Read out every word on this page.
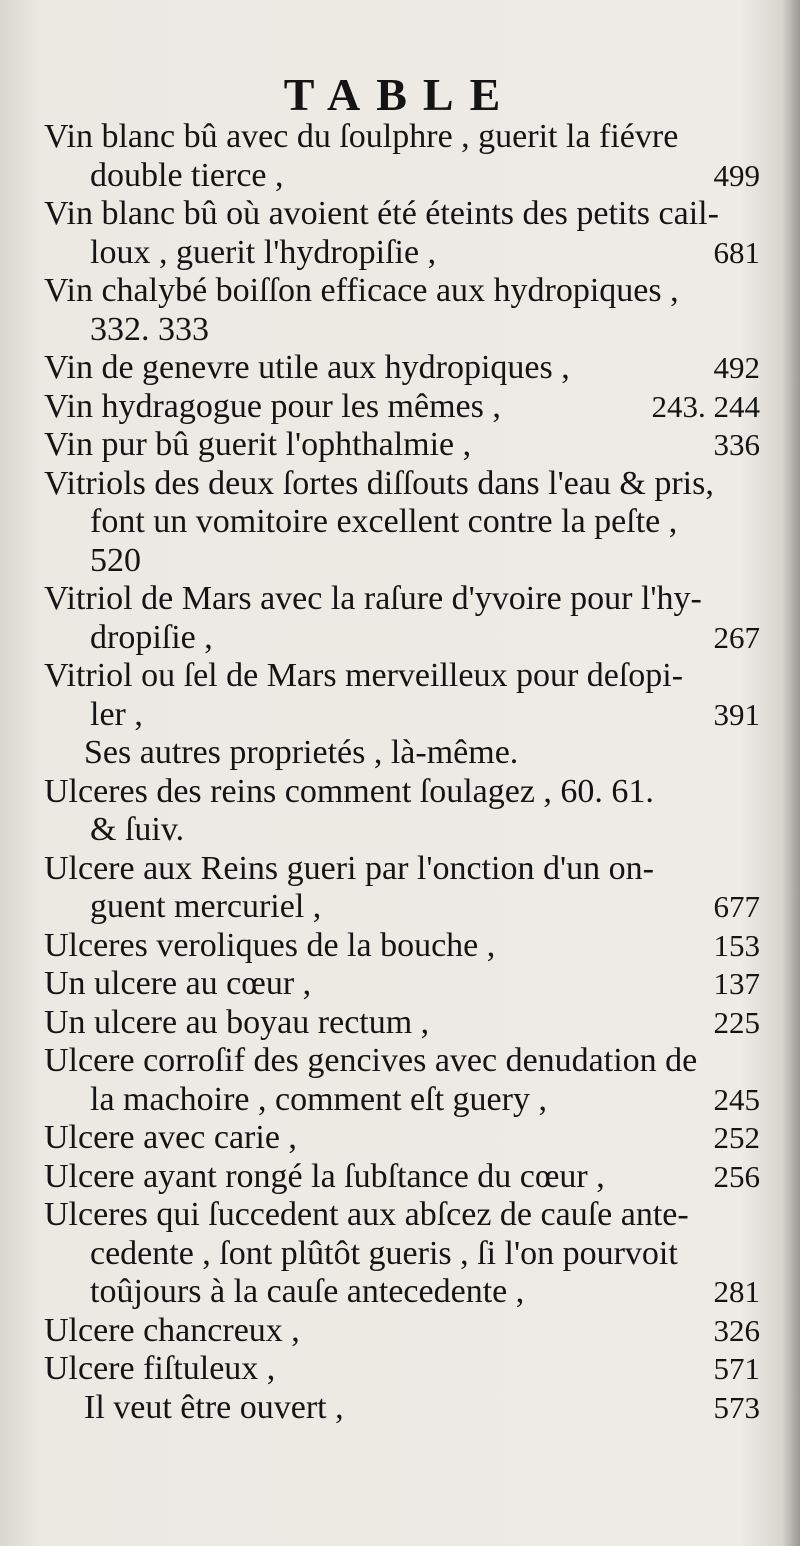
TABLE
Vin blanc bû avec du ſoulphre , guerit la fiévre
double tierce ,	499
Vin blanc bû où avoient été éteints des petits cail-
loux , guerit l'hydropiſie ,	681
Vin chalybé boiſſon efficace aux hydropiques ,
332. 333
Vin de genevre utile aux hydropiques ,	492
Vin hydragogue pour les mêmes ,	243. 244
Vin pur bû guerit l'ophthalmie ,	336
Vitriols des deux ſortes diſſouts dans l'eau & pris,
font un vomitoire excellent contre la peſte ,
520
Vitriol de Mars avec la raſure d'yvoire pour l'hy-
dropiſie ,	267
Vitriol ou ſel de Mars merveilleux pour deſopi-
ler ,	391
Ses autres proprietés , là-même.
Ulceres des reins comment ſoulagez , 60. 61.
& ſuiv.
Ulcere aux Reins gueri par l'onction d'un on-
guent mercuriel ,	677
Ulceres veroliques de la bouche ,	153
Un ulcere au cœur ,	137
Un ulcere au boyau rectum ,	225
Ulcere corroſif des gencives avec denudation de
la machoire , comment eſt guery ,	245
Ulcere avec carie ,	252
Ulcere ayant rongé la ſubſtance du cœur ,	256
Ulceres qui ſuccedent aux abſcez de cauſe ante-
cedente , ſont plûtôt gueris , ſi l'on pourvoit
toûjours à la cauſe antecedente ,	281
Ulcere chancreux ,	326
Ulcere fiſtuleux ,	571
Il veut être ouvert ,	573
